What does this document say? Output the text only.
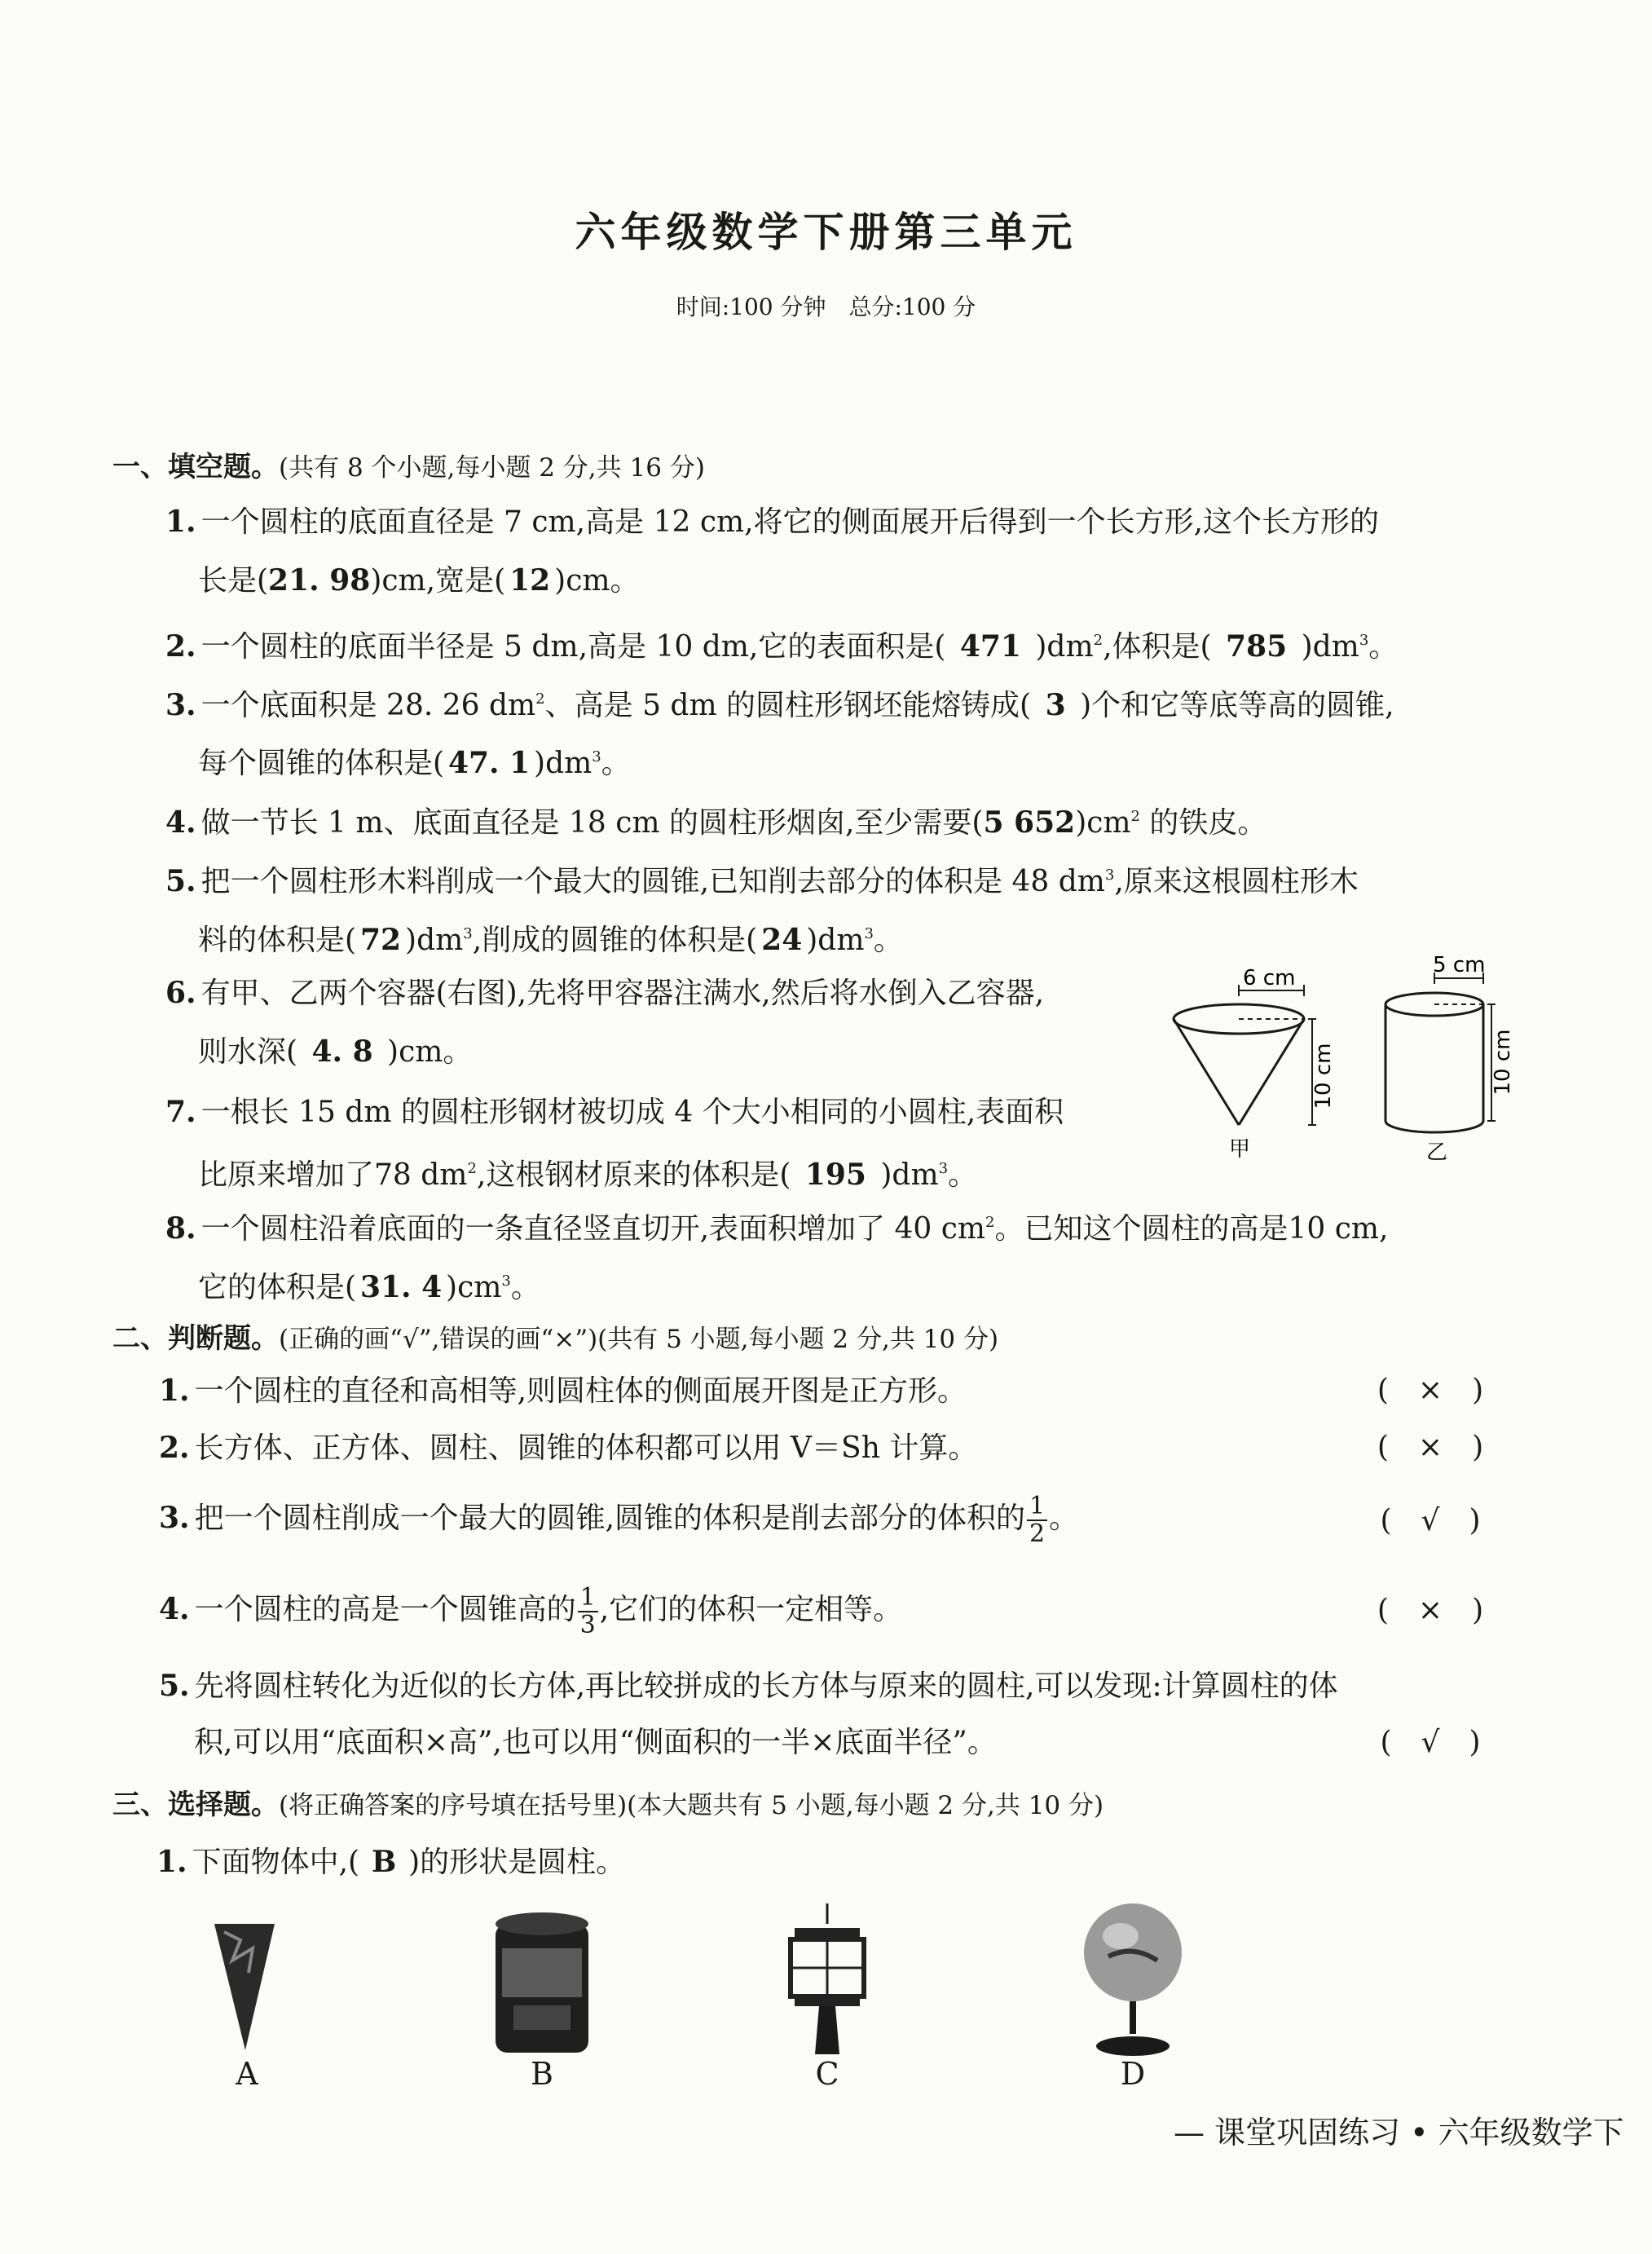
六年级数学下册第三单元
时间:100 分钟　总分:100 分
一、填空题。(共有 8 个小题,每小题 2 分,共 16 分)
1. 一个圆柱的底面直径是 7 cm,高是 12 cm,将它的侧面展开后得到一个长方形,这个长方形的
长是(21. 98)cm,宽是( 12 )cm。
2. 一个圆柱的底面半径是 5 dm,高是 10 dm,它的表面积是( 471 )$dm^2$,体积是( 785 )$dm^3$。
3. 一个底面积是 28. 26 $dm^2$、高是 5 dm 的圆柱形钢坯能熔铸成( 3 )个和它等底等高的圆锥,
每个圆锥的体积是( 47. 1 )$dm^3$。
4. 做一节长 1 m、底面直径是 18 cm 的圆柱形烟囱,至少需要(5 $652)cm^2$ 的铁皮。
5. 把一个圆柱形木料削成一个最大的圆锥,已知削去部分的体积是 48 $dm^3$,原来这根圆柱形木
料的体积是( 72 )$dm^3$,削成的圆锥的体积是( 24 )$dm^3$。
6. 有甲、乙两个容器(右图),先将甲容器注满水,然后将水倒入乙容器,
则水深( 4. 8 )cm。
7. 一根长 15 dm 的圆柱形钢材被切成 4 个大小相同的小圆柱,表面积
比原来增加了78 $dm^2$,这根钢材原来的体积是( 195 )$dm^3$。
8. 一个圆柱沿着底面的一条直径竖直切开,表面积增加了 40 $cm^2$。已知这个圆柱的高是10 cm,
它的体积是( 31. 4 )$cm^3$。
6 cm
10 cm
甲
5 cm
10 cm
乙
二、判断题。(正确的画“√”,错误的画“×”)(共有 5 小题,每小题 2 分,共 10 分)
1. 一个圆柱的直径和高相等,则圆柱体的侧面展开图是正方形。	(　×　)
2. 长方体、正方体、圆柱、圆锥的体积都可以用 V＝Sh 计算。	(　×　)
3. 把一个圆柱削成一个最大的圆锥,圆锥的体积是削去部分的体积的 $\frac{1}{2}$ 。	(　√　)
4. 一个圆柱的高是一个圆锥高的 $\frac{1}{3}$ ,它们的体积一定相等。	(　×　)
5. 先将圆柱转化为近似的长方体,再比较拼成的长方体与原来的圆柱,可以发现:计算圆柱的体
积,可以用“底面积×高”,也可以用“侧面积的一半×底面半径”。	(　√　)
三、选择题。(将正确答案的序号填在括号里)(本大题共有 5 小题,每小题 2 分,共 10 分)
1. 下面物体中,( B )的形状是圆柱。
A	B	C	D
— 课堂巩固练习 • 六年级数学下
